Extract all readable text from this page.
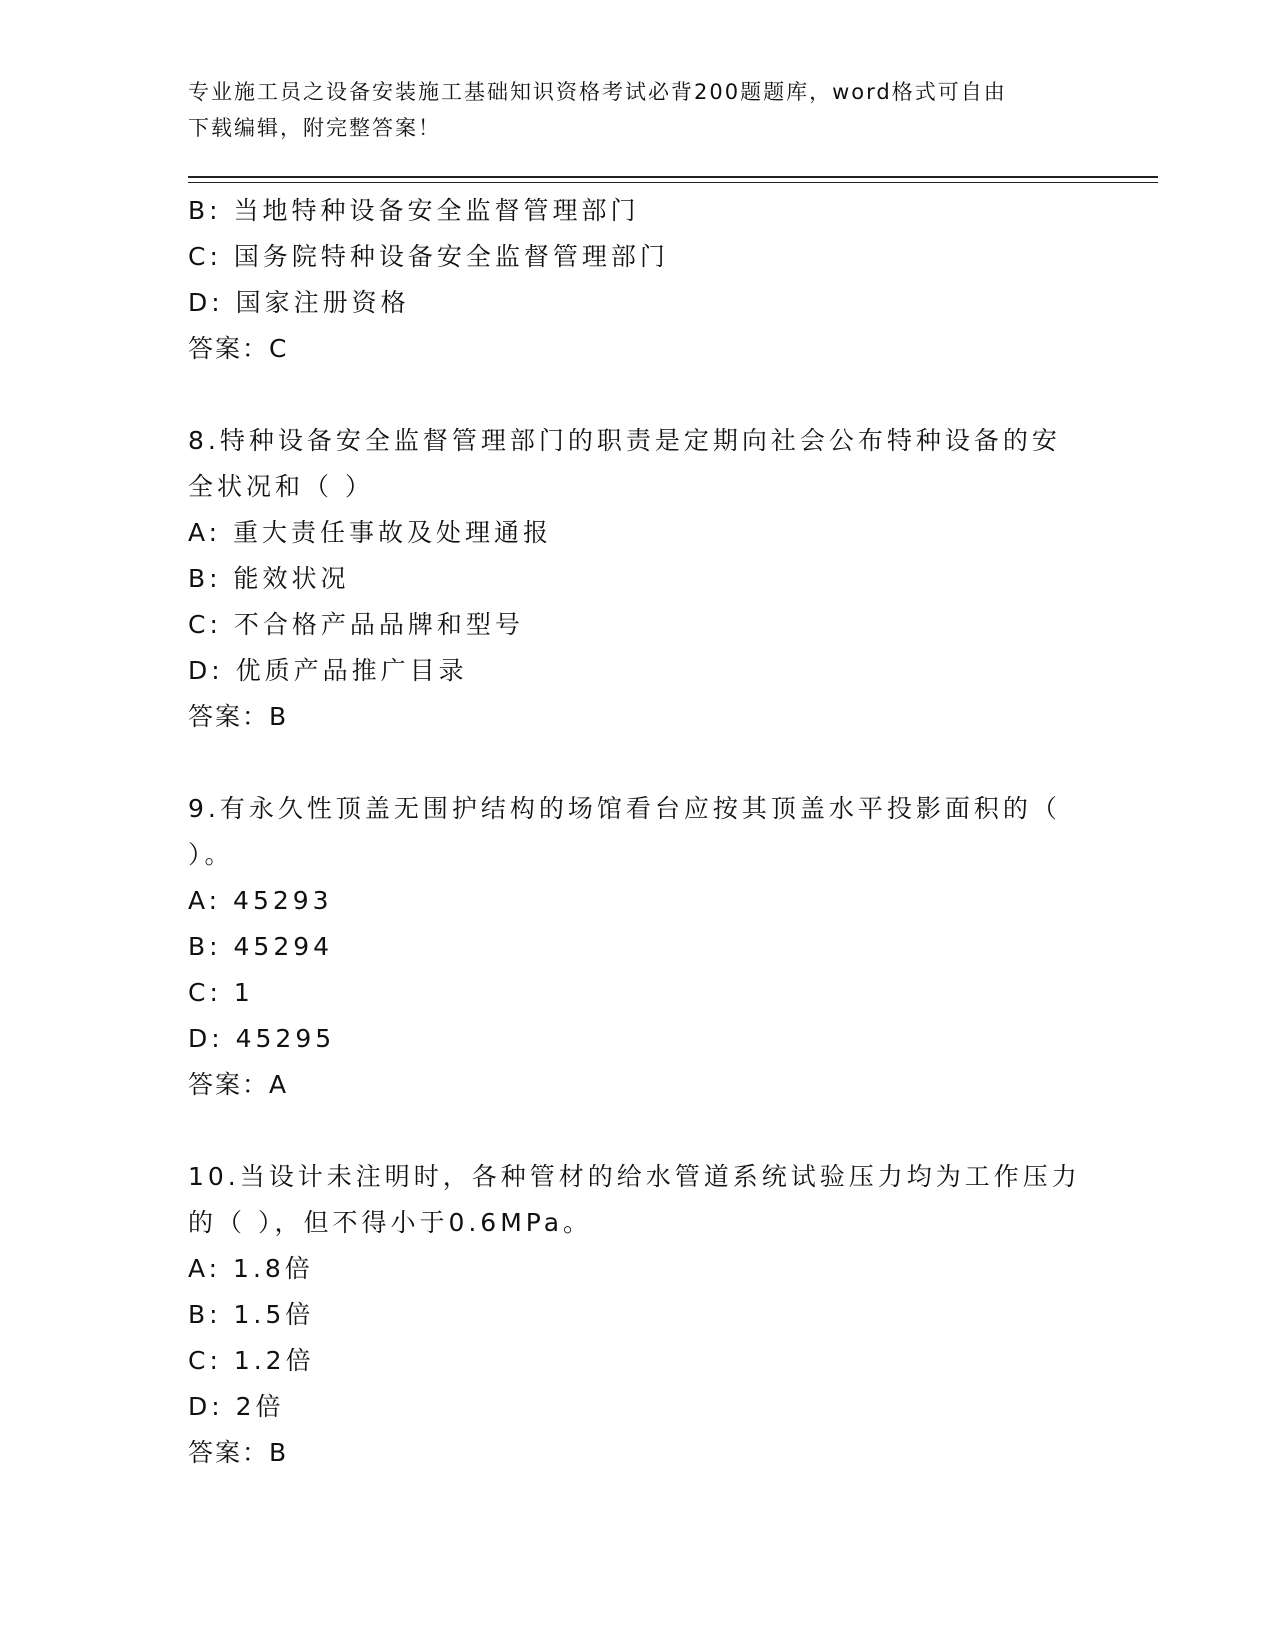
专业施工员之设备安装施工基础知识资格考试必背200题题库，word格式可自由
下载编辑，附完整答案！
B: 当地特种设备安全监督管理部门
C: 国务院特种设备安全监督管理部门
D: 国家注册资格
答案：C
8.特种设备安全监督管理部门的职责是定期向社会公布特种设备的安
全状况和（ ）
A: 重大责任事故及处理通报
B: 能效状况
C: 不合格产品品牌和型号
D: 优质产品推广目录
答案：B
9.有永久性顶盖无围护结构的场馆看台应按其顶盖水平投影面积的（
）。
A: 45293
B: 45294
C: 1
D: 45295
答案：A
10.当设计未注明时，各种管材的给水管道系统试验压力均为工作压力
的（ ），但不得小于0.6MPa。
A: 1.8倍
B: 1.5倍
C: 1.2倍
D: 2倍
答案：B
